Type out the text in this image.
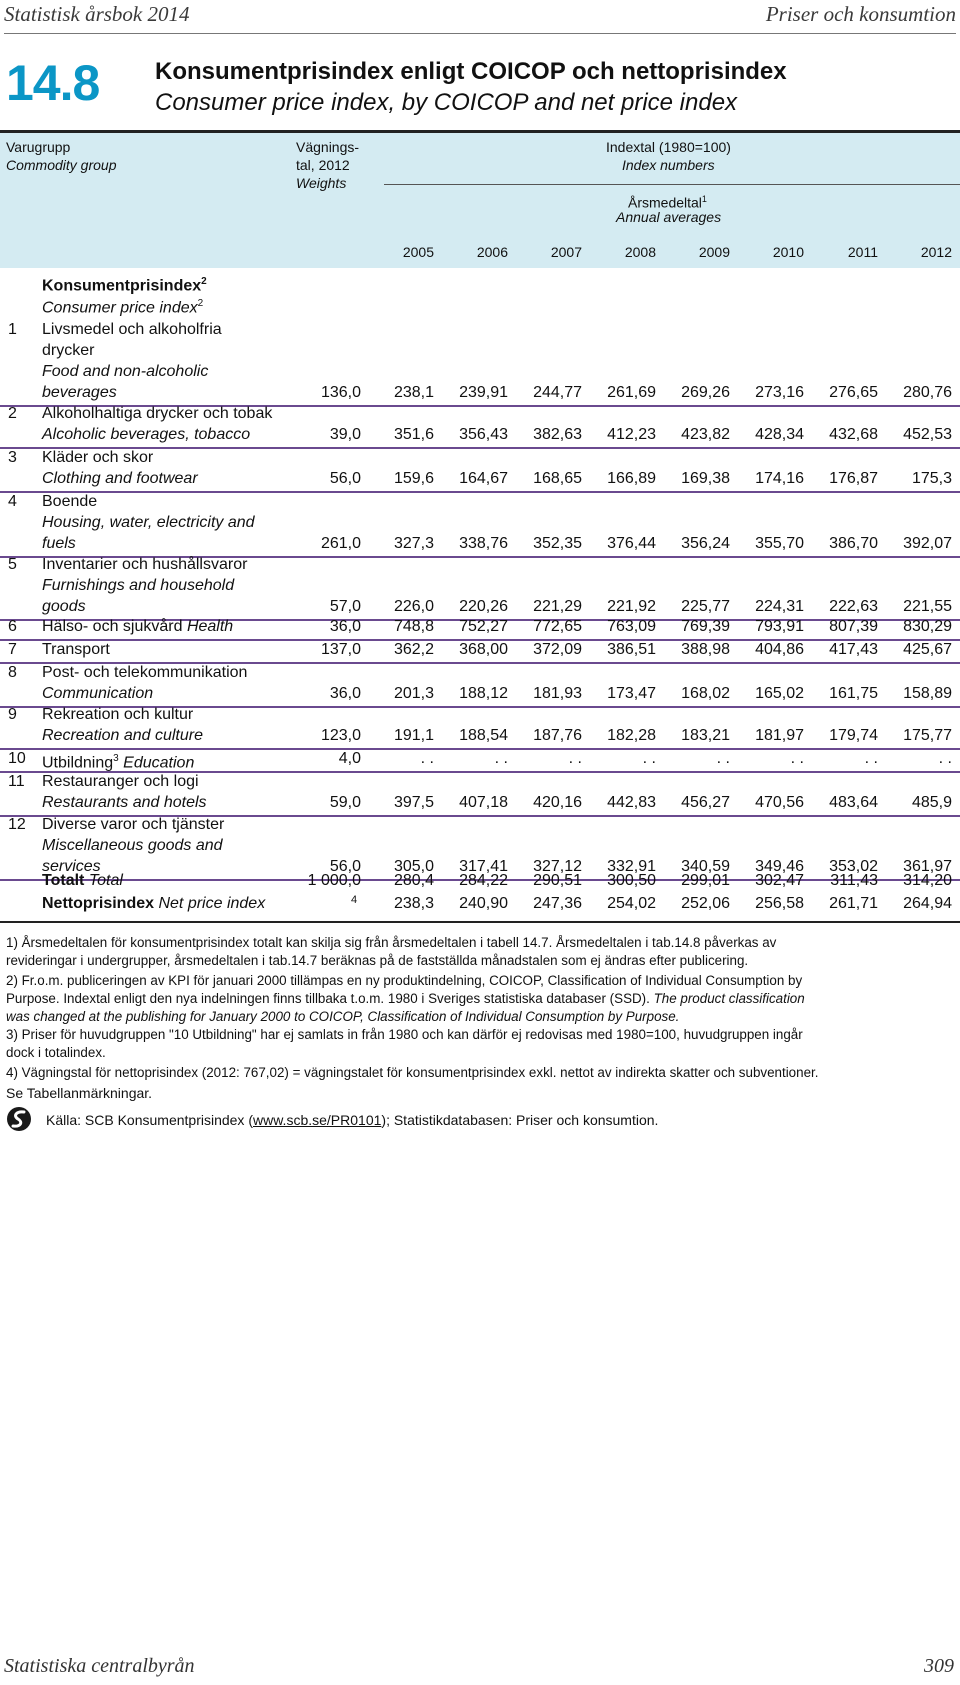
Statistisk årsbok 2014	Priser och konsumtion
14.8 Konsumentprisindex enligt COICOP och nettoprisindex
Consumer price index, by COICOP and net price index
Varugrupp
Commodity group
Vägnings-
tal, 2012
Weights
Indextal (1980=100)
Index numbers
Årsmedeltal$^1$
Annual averages
2005	2006	2007	2008	2009	2010	2011	2012
Konsumentprisindex$^2$
Consumer price index$^2$
1 Livsmedel och alkoholfria
drycker
Food and non-alcoholic
beverages	136,0	238,1	239,91	244,77	261,69	269,26	273,16	276,65	280,76
2 Alkoholhaltiga drycker och tobak
Alcoholic beverages, tobacco	39,0	351,6	356,43	382,63	412,23	423,82	428,34	432,68	452,53
3 Kläder och skor
Clothing and footwear	56,0	159,6	164,67	168,65	166,89	169,38	174,16	176,87	175,3
4 Boende
Housing, water, electricity and
fuels	261,0	327,3	338,76	352,35	376,44	356,24	355,70	386,70	392,07
5 Inventarier och hushållsvaror
Furnishings and household
goods	57,0	226,0	220,26	221,29	221,92	225,77	224,31	222,63	221,55
6 Hälso- och sjukvård Health	36,0	748,8	752,27	772,65	763,09	769,39	793,91	807,39	830,29
7 Transport	137,0	362,2	368,00	372,09	386,51	388,98	404,86	417,43	425,67
8 Post- och telekommunikation
Communication	36,0	201,3	188,12	181,93	173,47	168,02	165,02	161,75	158,89
9 Rekreation och kultur
Recreation and culture	123,0	191,1	188,54	187,76	182,28	183,21	181,97	179,74	175,77
10 Utbildning$^3$ Education	4,0	. .	. .	. .	. .	. .	. .	. .	. .
11 Restauranger och logi
Restaurants and hotels	59,0	397,5	407,18	420,16	442,83	456,27	470,56	483,64	485,9
12 Diverse varor och tjänster
Miscellaneous goods and
services	56,0	305,0	317,41	327,12	332,91	340,59	349,46	353,02	361,97
Totalt Total	1 000,0	280,4	284,22	290,51	300,50	299,01	302,47	311,43	314,20
Nettoprisindex Net price index	4	238,3	240,90	247,36	254,02	252,06	256,58	261,71	264,94
1) Årsmedeltalen för konsumentprisindex totalt kan skilja sig från årsmedeltalen i tabell 14.7. Årsmedeltalen i tab.14.8 påverkas av
revideringar i undergrupper, årsmedeltalen i tab.14.7 beräknas på de fastställda månadstalen som ej ändras efter publicering.
2) Fr.o.m. publiceringen av KPI för januari 2000 tillämpas en ny produktindelning, COICOP, Classification of Individual Consumption by
Purpose. Indextal enligt den nya indelningen finns tillbaka t.o.m. 1980 i Sveriges statistiska databaser (SSD). The product classification
was changed at the publishing for January 2000 to COICOP, Classification of Individual Consumption by Purpose.
3) Priser för huvudgruppen "10 Utbildning" har ej samlats in från 1980 och kan därför ej redovisas med 1980=100, huvudgruppen ingår
dock i totalindex.
4) Vägningstal för nettoprisindex (2012: 767,02) = vägningstalet för konsumentprisindex exkl. nettot av indirekta skatter och subventioner.
Se Tabellanmärkningar.
Källa: SCB Konsumentprisindex (www.scb.se/PR0101); Statistikdatabasen: Priser och konsumtion.
Statistiska centralbyrån	309
